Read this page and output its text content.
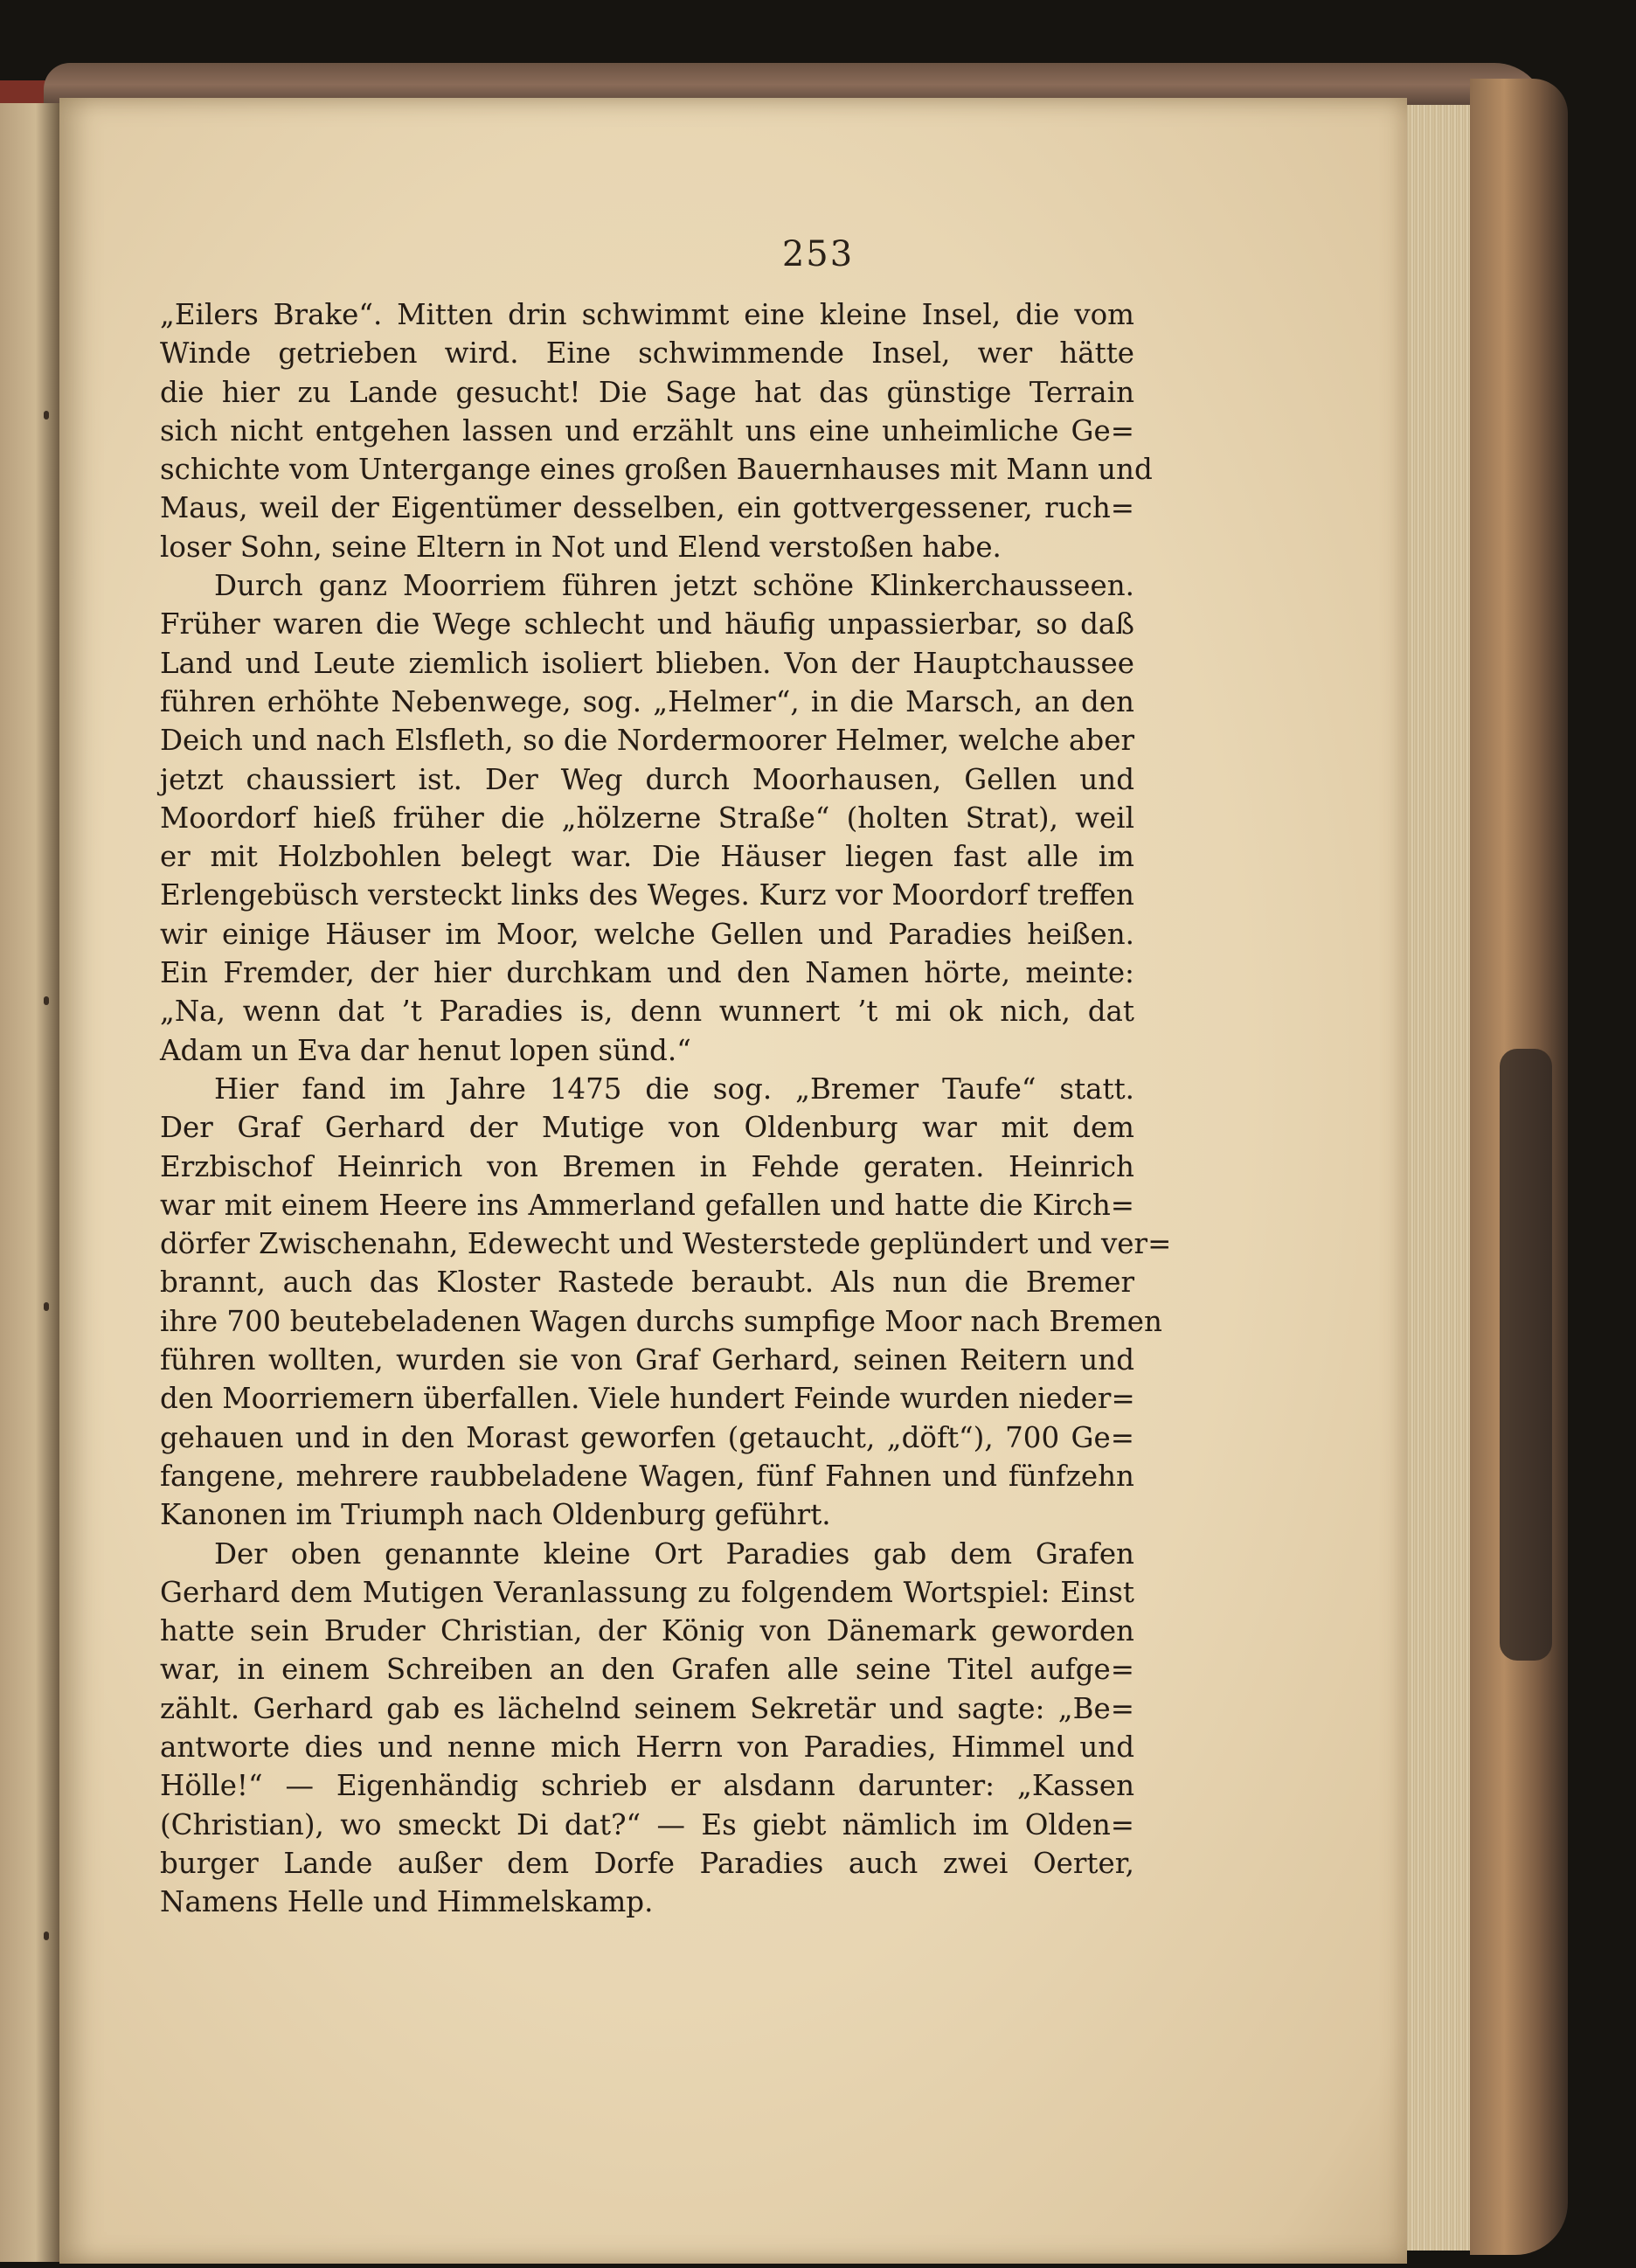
253
„Eilers Brake“. Mitten drin schwimmt eine kleine Insel, die vom
Winde getrieben wird. Eine schwimmende Insel, wer hätte
die hier zu Lande gesucht! Die Sage hat das günstige Terrain
sich nicht entgehen lassen und erzählt uns eine unheimliche Ge=
schichte vom Untergange eines großen Bauernhauses mit Mann und
Maus, weil der Eigentümer desselben, ein gottvergessener, ruch=
loser Sohn, seine Eltern in Not und Elend verstoßen habe.
Durch ganz Moorriem führen jetzt schöne Klinkerchausseen.
Früher waren die Wege schlecht und häufig unpassierbar, so daß
Land und Leute ziemlich isoliert blieben. Von der Hauptchaussee
führen erhöhte Nebenwege, sog. „Helmer“, in die Marsch, an den
Deich und nach Elsfleth, so die Nordermoorer Helmer, welche aber
jetzt chaussiert ist. Der Weg durch Moorhausen, Gellen und
Moordorf hieß früher die „hölzerne Straße“ (holten Strat), weil
er mit Holzbohlen belegt war. Die Häuser liegen fast alle im
Erlengebüsch versteckt links des Weges. Kurz vor Moordorf treffen
wir einige Häuser im Moor, welche Gellen und Paradies heißen.
Ein Fremder, der hier durchkam und den Namen hörte, meinte:
„Na, wenn dat ’t Paradies is, denn wunnert ’t mi ok nich, dat
Adam un Eva dar henut lopen sünd.“
Hier fand im Jahre 1475 die sog. „Bremer Taufe“ statt.
Der Graf Gerhard der Mutige von Oldenburg war mit dem
Erzbischof Heinrich von Bremen in Fehde geraten. Heinrich
war mit einem Heere ins Ammerland gefallen und hatte die Kirch=
dörfer Zwischenahn, Edewecht und Westerstede geplündert und ver=
brannt, auch das Kloster Rastede beraubt. Als nun die Bremer
ihre 700 beutebeladenen Wagen durchs sumpfige Moor nach Bremen
führen wollten, wurden sie von Graf Gerhard, seinen Reitern und
den Moorriemern überfallen. Viele hundert Feinde wurden nieder=
gehauen und in den Morast geworfen (getaucht, „döft“), 700 Ge=
fangene, mehrere raubbeladene Wagen, fünf Fahnen und fünfzehn
Kanonen im Triumph nach Oldenburg geführt.
Der oben genannte kleine Ort Paradies gab dem Grafen
Gerhard dem Mutigen Veranlassung zu folgendem Wortspiel: Einst
hatte sein Bruder Christian, der König von Dänemark geworden
war, in einem Schreiben an den Grafen alle seine Titel aufge=
zählt. Gerhard gab es lächelnd seinem Sekretär und sagte: „Be=
antworte dies und nenne mich Herrn von Paradies, Himmel und
Hölle!“ — Eigenhändig schrieb er alsdann darunter: „Kassen
(Christian), wo smeckt Di dat?“ — Es giebt nämlich im Olden=
burger Lande außer dem Dorfe Paradies auch zwei Oerter,
Namens Helle und Himmelskamp.
